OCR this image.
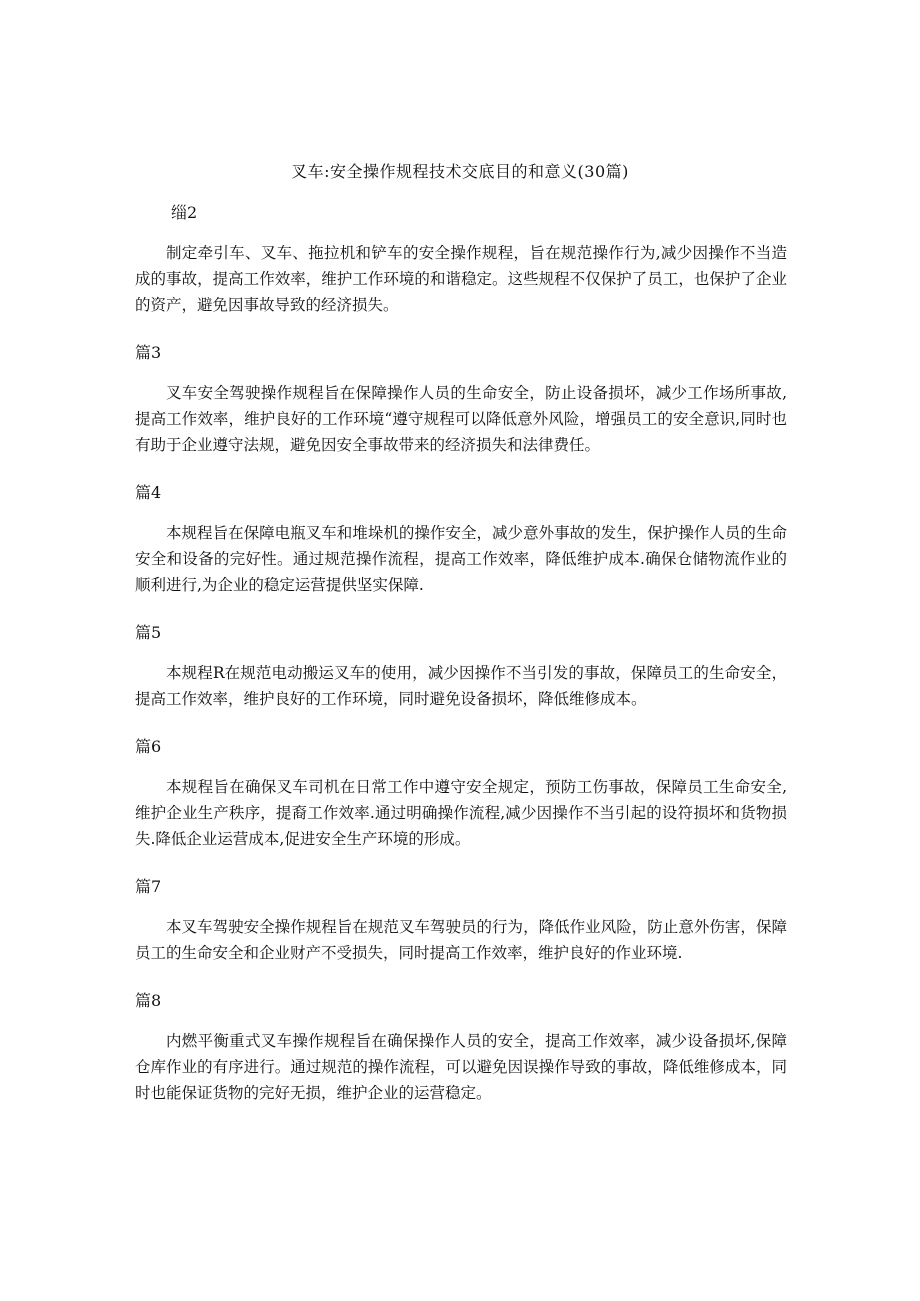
叉车:安全操作规程技术交底目的和意义(30篇)
缁2

制定牵引车、叉车、拖拉机和铲车的安全操作规程，旨在规范操作行为,减少因操作不当造成的事故，提高工作效率，维护工作环境的和谐稳定。这些规程不仅保护了员工，也保护了企业的资产，避免因事故导致的经济损失。

篇3

叉车安全驾驶操作规程旨在保障操作人员的生命安全，防止设备损坏，减少工作场所事故,提高工作效率，维护良好的工作环境“遵守规程可以降低意外风险，增强员工的安全意识,同时也有助于企业遵守法规，避免因安全事故带来的经济损失和法律费任。

篇4

本规程旨在保障电瓶叉车和堆垛机的操作安全，减少意外事故的发生，保护操作人员的生命安全和设备的完好性。通过规范操作流程，提高工作效率，降低维护成本.确保仓储物流作业的顺利进行,为企业的稳定运营提供坚实保障.

篇5

本规程R在规范电动搬运叉车的使用，减少因操作不当引发的事故，保障员工的生命安全，提高工作效率，维护良好的工作环境，同时避免设备损坏，降低维修成本。

篇6

本规程旨在确保叉车司机在日常工作中遵守安全规定，预防工伤事故，保障员工生命安全,维护企业生产秩序，提裔工作效率.通过明确操作流程,减少因操作不当引起的设符损坏和货物损失.降低企业运营成本,促进安全生产环境的形成。

篇7

本叉车驾驶安全操作规程旨在规范叉车驾驶员的行为，降低作业风险，防止意外伤害，保障员工的生命安全和企业财产不受损失，同时提高工作效率，维护良好的作业环境.

篇8

内燃平衡重式叉车操作规程旨在确保操作人员的安全，提高工作效率，减少设备损坏,保障仓库作业的有序进行。通过规范的操作流程，可以避免因误操作导致的事故，降低维修成本，同时也能保证货物的完好无损，维护企业的运营稳定。
